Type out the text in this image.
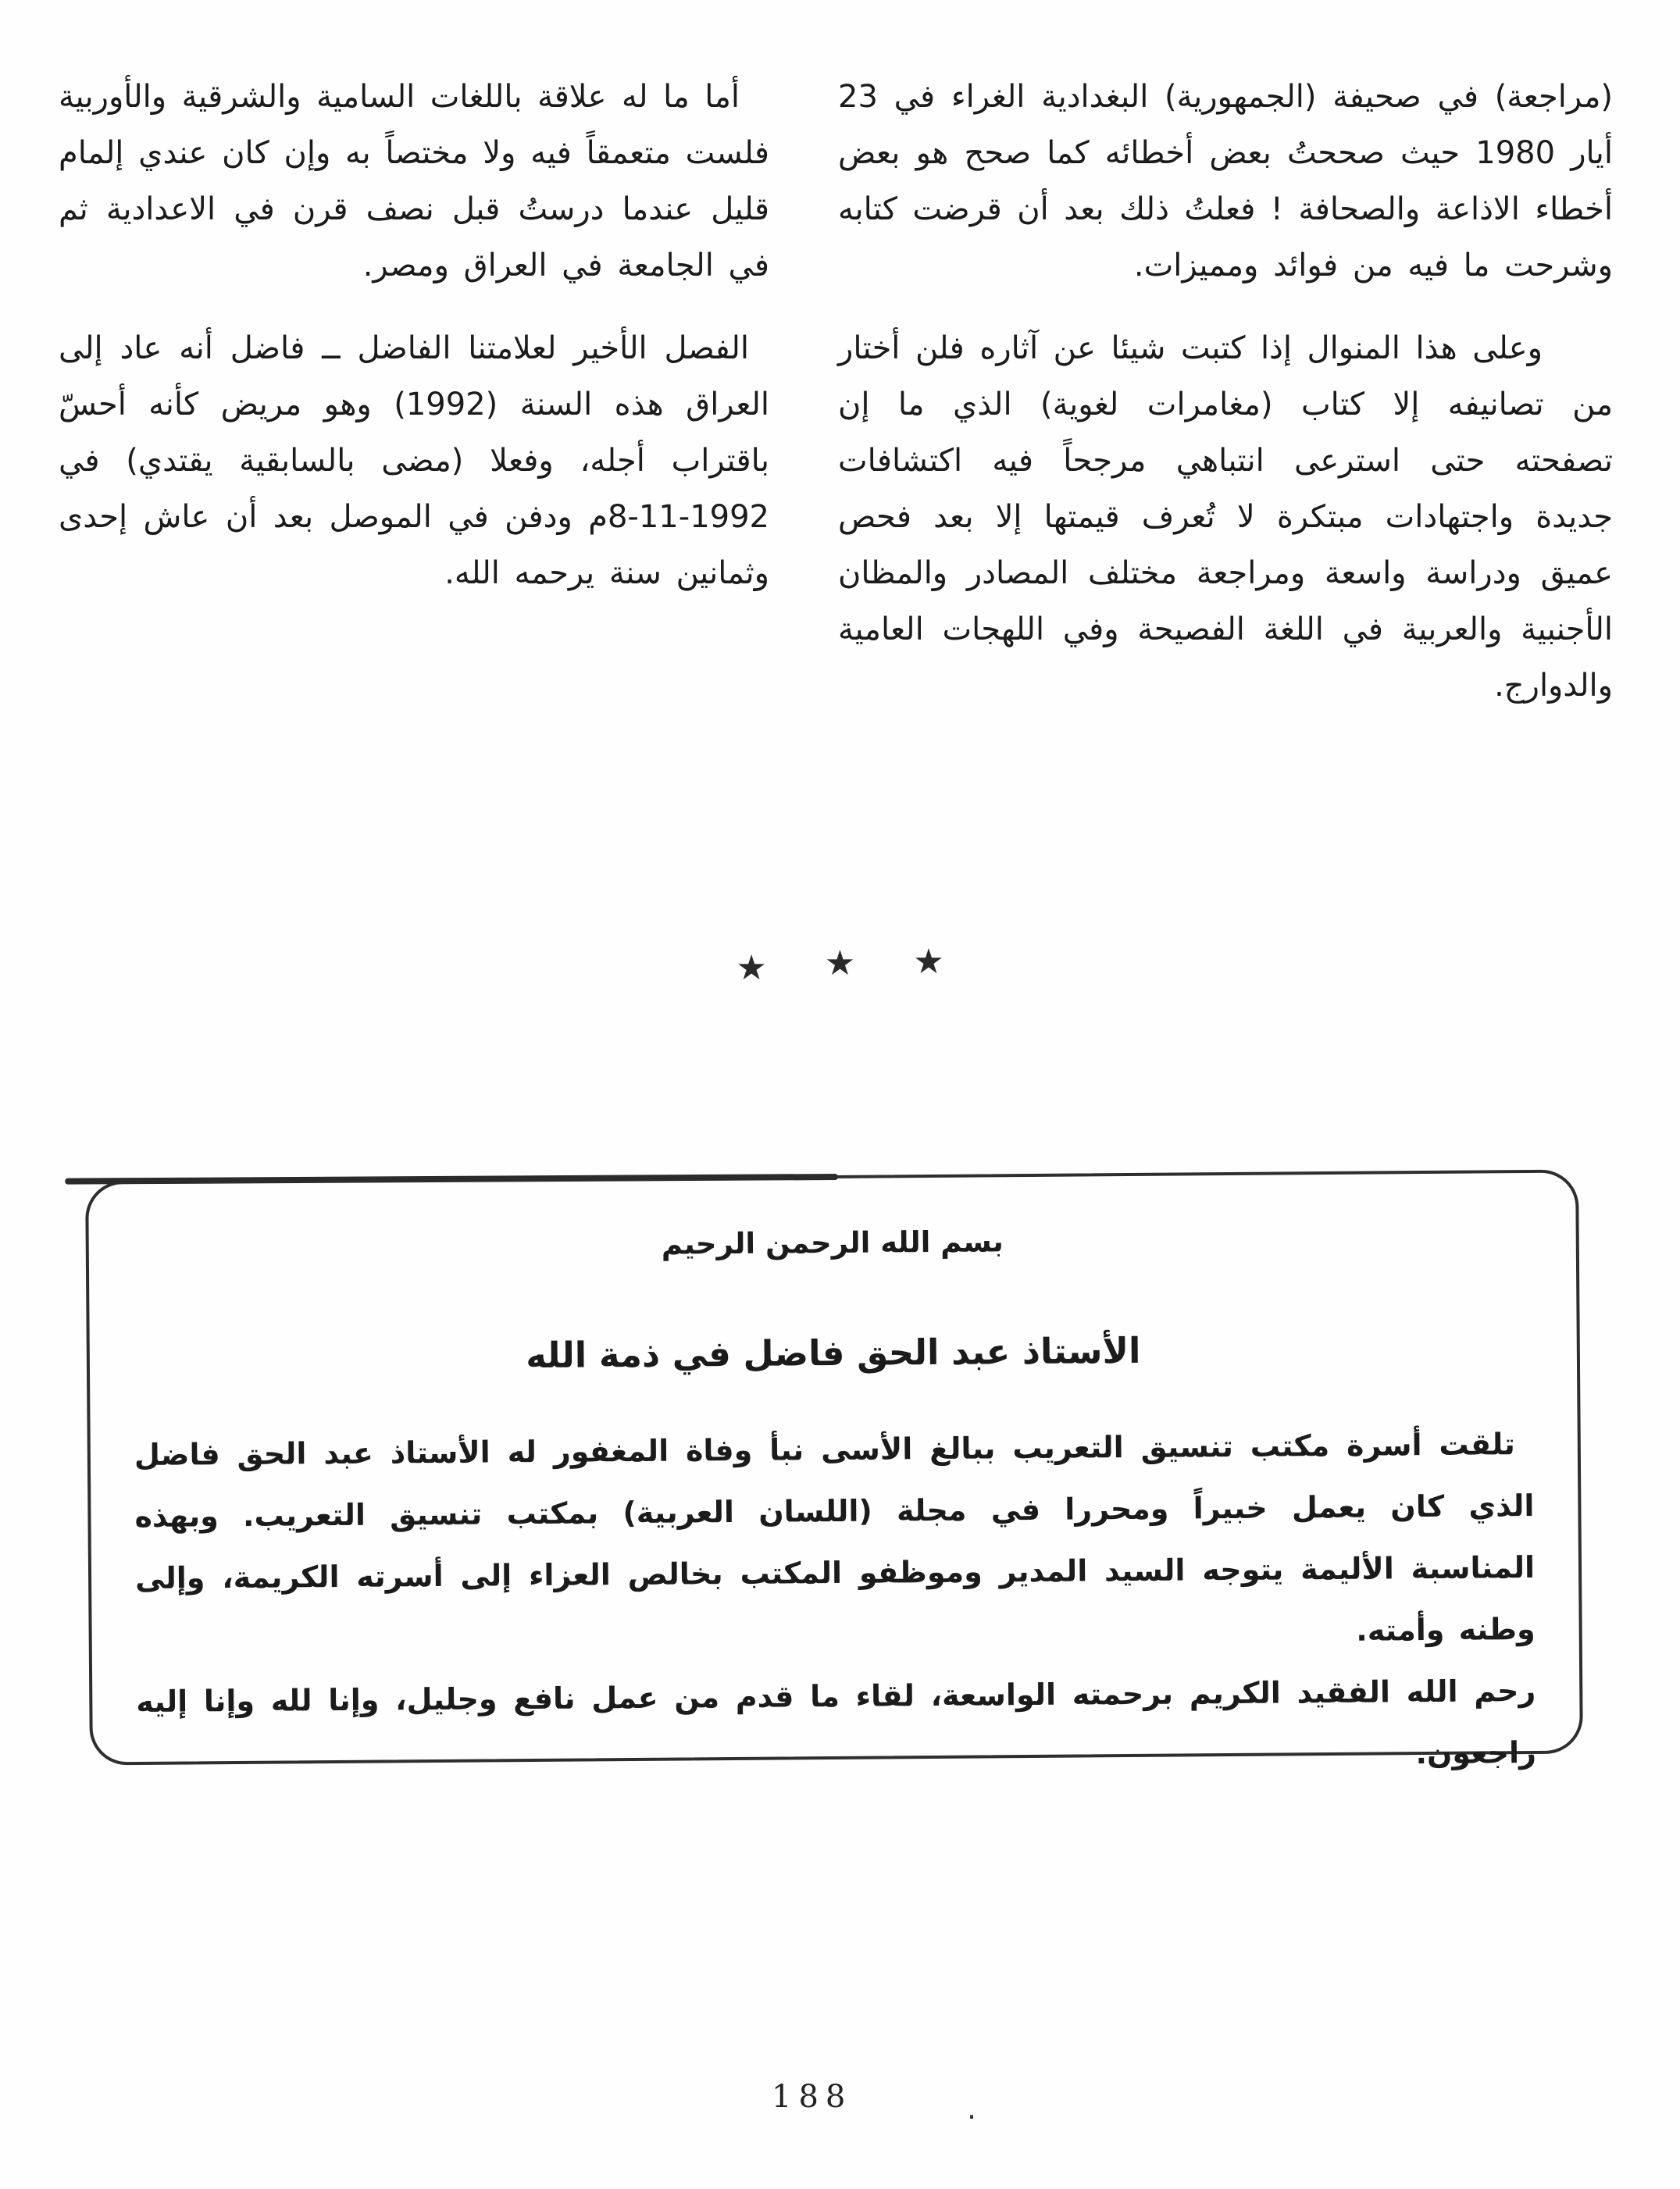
(مراجعة) في صحيفة (الجمهورية) البغدادية الغراء في 23 أيار 1980 حيث صححتُ بعض أخطائه كما صحح هو بعض أخطاء الاذاعة والصحافة ! فعلتُ ذلك بعد أن قرضت كتابه وشرحت ما فيه من فوائد ومميزات.

وعلى هذا المنوال إذا كتبت شيئا عن آثاره فلن أختار من تصانيفه إلا كتاب (مغامرات لغوية) الذي ما إن تصفحته حتى استرعى انتباهي مرجحاً فيه اكتشافات جديدة واجتهادات مبتكرة لا تُعرف قيمتها إلا بعد فحص عميق ودراسة واسعة ومراجعة مختلف المصادر والمظان الأجنبية والعربية في اللغة الفصيحة وفي اللهجات العامية والدوارج.

أما ما له علاقة باللغات السامية والشرقية والأوربية فلست متعمقاً فيه ولا مختصاً به وإن كان عندي إلمام قليل عندما درستُ قبل نصف قرن في الاعدادية ثم في الجامعة في العراق ومصر.

الفصل الأخير لعلامتنا الفاضل ــ فاضل أنه عاد إلى العراق هذه السنة (1992) وهو مريض كأنه أحسّ باقتراب أجله، وفعلا (مضى بالسابقية يقتدي) في 1992-11-8م ودفن في الموصل بعد أن عاش إحدى وثمانين سنة يرحمه الله.

★ ★ ★
بسم الله الرحمن الرحيم
الأستاذ عبد الحق فاضل في ذمة الله

تلقت أسرة مكتب تنسيق التعريب ببالغ الأسى نبأ وفاة المغفور له الأستاذ عبد الحق فاضل الذي كان يعمل خبيراً ومحررا في مجلة (اللسان العربية) بمكتب تنسيق التعريب. وبهذه المناسبة الأليمة يتوجه السيد المدير وموظفو المكتب بخالص العزاء إلى أسرته الكريمة، وإلى وطنه وأمته.

رحم الله الفقيد الكريم برحمته الواسعة، لقاء ما قدم من عمل نافع وجليل، وإنا لله وإنا إليه راجعون.

188	.
